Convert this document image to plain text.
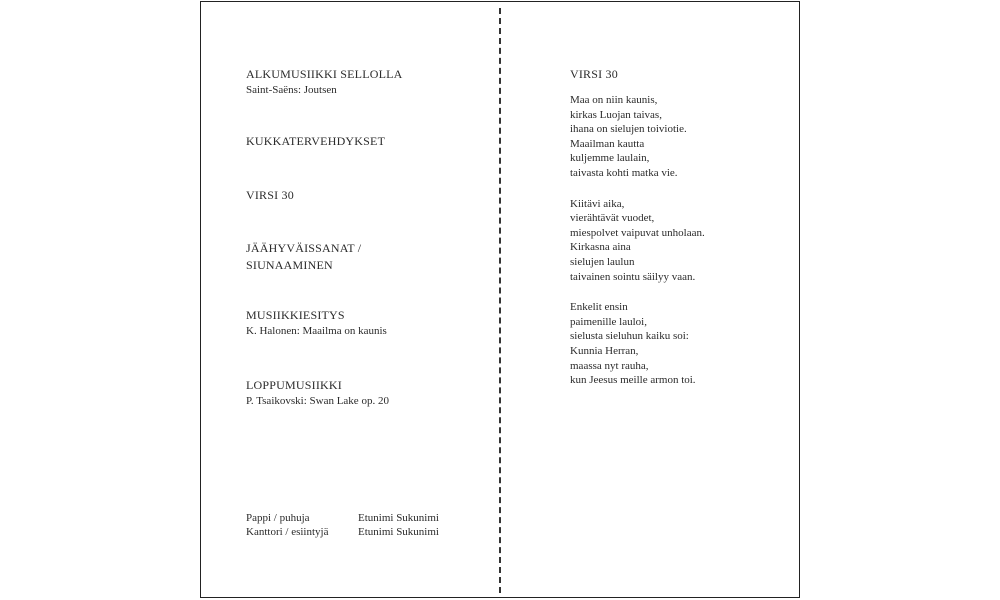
ALKUMUSIIKKI SELLOLLA

Saint-Saëns: Joutsen

KUKKATERVEHDYKSET

VIRSI 30

JÄÄHYVÄISSANAT /

SIUNAAMINEN

MUSIIKKIESITYS

K. Halonen: Maailma on kaunis

LOPPUMUSIIKKI

P. Tsaikovski: Swan Lake op. 20

Pappi / puhuja	Etunimi Sukunimi
Kanttori / esiintyjä	Etunimi Sukunimi

VIRSI 30

Maa on niin kaunis,
kirkas Luojan taivas,
ihana on sielujen toiviotie.
Maailman kautta
kuljemme laulain,
taivasta kohti matka vie.
Kiitävi aika,
vierähtävät vuodet,
miespolvet vaipuvat unholaan.
Kirkasna aina
sielujen laulun
taivainen sointu säilyy vaan.
Enkelit ensin
paimenille lauloi,
sielusta sieluhun kaiku soi:
Kunnia Herran,
maassa nyt rauha,
kun Jeesus meille armon toi.
